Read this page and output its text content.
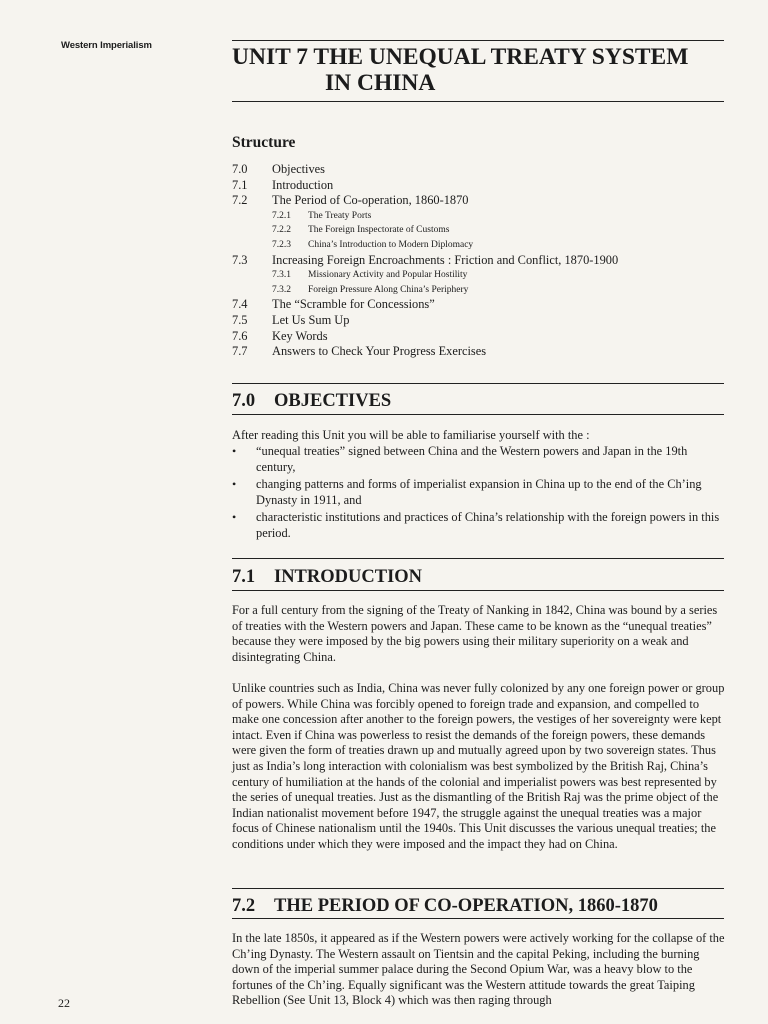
Western Imperialism
22
UNIT 7 THE UNEQUAL TREATY SYSTEM
IN CHINA
Structure
7.0 Objectives
7.1 Introduction
7.2 The Period of Co-operation, 1860-1870
7.2.1 The Treaty Ports
7.2.2 The Foreign Inspectorate of Customs
7.2.3 China’s Introduction to Modern Diplomacy
7.3 Increasing Foreign Encroachments : Friction and Conflict, 1870-1900
7.3.1 Missionary Activity and Popular Hostility
7.3.2 Foreign Pressure Along China’s Periphery
7.4 The “Scramble for Concessions”
7.5 Let Us Sum Up
7.6 Key Words
7.7 Answers to Check Your Progress Exercises
7.0 OBJECTIVES

After reading this Unit you will be able to familiarise yourself with the :

• “unequal treaties” signed between China and the Western powers and Japan in the 19th century,
• changing patterns and forms of imperialist expansion in China up to the end of the Ch’ing Dynasty in 1911, and
• characteristic institutions and practices of China’s relationship with the foreign powers in this period.
7.1 INTRODUCTION

For a full century from the signing of the Treaty of Nanking in 1842, China was bound by a series of treaties with the Western powers and Japan. These came to be known as the “unequal treaties” because they were imposed by the big powers using their military superiority on a weak and disintegrating China.

Unlike countries such as India, China was never fully colonized by any one foreign power or group of powers. While China was forcibly opened to foreign trade and expansion, and compelled to make one concession after another to the foreign powers, the vestiges of her sovereignty were kept intact. Even if China was powerless to resist the demands of the foreign powers, these demands were given the form of treaties drawn up and mutually agreed upon by two sovereign states. Thus just as India’s long interaction with colonialism was best symbolized by the British Raj, China’s century of humiliation at the hands of the colonial and imperialist powers was best represented by the series of unequal treaties. Just as the dismantling of the British Raj was the prime object of the Indian nationalist movement before 1947, the struggle against the unequal treaties was a major focus of Chinese nationalism until the 1940s. This Unit discusses the various unequal treaties; the conditions under which they were imposed and the impact they had on China.

7.2 THE PERIOD OF CO-OPERATION, 1860-1870

In the late 1850s, it appeared as if the Western powers were actively working for the collapse of the Ch’ing Dynasty. The Western assault on Tientsin and the capital Peking, including the burning down of the imperial summer palace during the Second Opium War, was a heavy blow to the fortunes of the Ch’ing. Equally significant was the Western attitude towards the great Taiping Rebellion (See Unit 13, Block 4) which was then raging through
